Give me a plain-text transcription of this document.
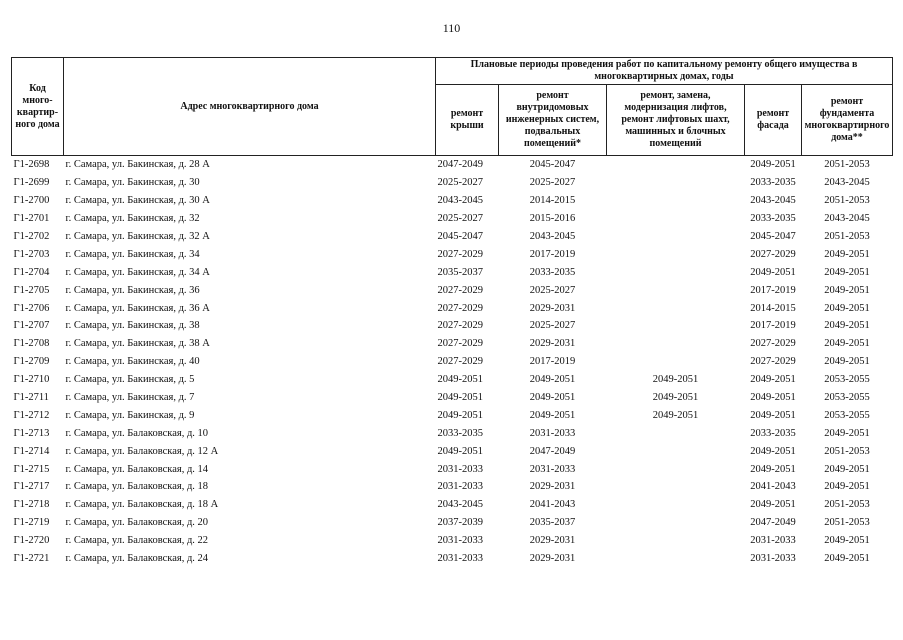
110
Код много-квартир-ного дома	Адрес многоквартирного дома	Плановые периоды проведения работ по капитальному ремонту общего имущества в многоквартирных домах, годы				
		ремонт крыши	ремонт внутридомовых инженерных систем, подвальных помещений*	ремонт, замена, модернизация лифтов, ремонт лифтовых шахт, машинных и блочных помещений	ремонт фасада	ремонт фундамента многоквартирного дома**
Г1-2698	г. Самара, ул. Бакинская, д. 28 А	2047-2049	2045-2047		2049-2051	2051-2053
Г1-2699	г. Самара, ул. Бакинская, д. 30	2025-2027	2025-2027		2033-2035	2043-2045
Г1-2700	г. Самара, ул. Бакинская, д. 30 А	2043-2045	2014-2015		2043-2045	2051-2053
Г1-2701	г. Самара, ул. Бакинская, д. 32	2025-2027	2015-2016		2033-2035	2043-2045
Г1-2702	г. Самара, ул. Бакинская, д. 32 А	2045-2047	2043-2045		2045-2047	2051-2053
Г1-2703	г. Самара, ул. Бакинская, д. 34	2027-2029	2017-2019		2027-2029	2049-2051
Г1-2704	г. Самара, ул. Бакинская, д. 34 А	2035-2037	2033-2035		2049-2051	2049-2051
Г1-2705	г. Самара, ул. Бакинская, д. 36	2027-2029	2025-2027		2017-2019	2049-2051
Г1-2706	г. Самара, ул. Бакинская, д. 36 А	2027-2029	2029-2031		2014-2015	2049-2051
Г1-2707	г. Самара, ул. Бакинская, д. 38	2027-2029	2025-2027		2017-2019	2049-2051
Г1-2708	г. Самара, ул. Бакинская, д. 38 А	2027-2029	2029-2031		2027-2029	2049-2051
Г1-2709	г. Самара, ул. Бакинская, д. 40	2027-2029	2017-2019		2027-2029	2049-2051
Г1-2710	г. Самара, ул. Бакинская, д. 5	2049-2051	2049-2051	2049-2051	2049-2051	2053-2055
Г1-2711	г. Самара, ул. Бакинская, д. 7	2049-2051	2049-2051	2049-2051	2049-2051	2053-2055
Г1-2712	г. Самара, ул. Бакинская, д. 9	2049-2051	2049-2051	2049-2051	2049-2051	2053-2055
Г1-2713	г. Самара, ул. Балаковская, д. 10	2033-2035	2031-2033		2033-2035	2049-2051
Г1-2714	г. Самара, ул. Балаковская, д. 12 А	2049-2051	2047-2049		2049-2051	2051-2053
Г1-2715	г. Самара, ул. Балаковская, д. 14	2031-2033	2031-2033		2049-2051	2049-2051
Г1-2717	г. Самара, ул. Балаковская, д. 18	2031-2033	2029-2031		2041-2043	2049-2051
Г1-2718	г. Самара, ул. Балаковская, д. 18 А	2043-2045	2041-2043		2049-2051	2051-2053
Г1-2719	г. Самара, ул. Балаковская, д. 20	2037-2039	2035-2037		2047-2049	2051-2053
Г1-2720	г. Самара, ул. Балаковская, д. 22	2031-2033	2029-2031		2031-2033	2049-2051
Г1-2721	г. Самара, ул. Балаковская, д. 24	2031-2033	2029-2031		2031-2033	2049-2051
